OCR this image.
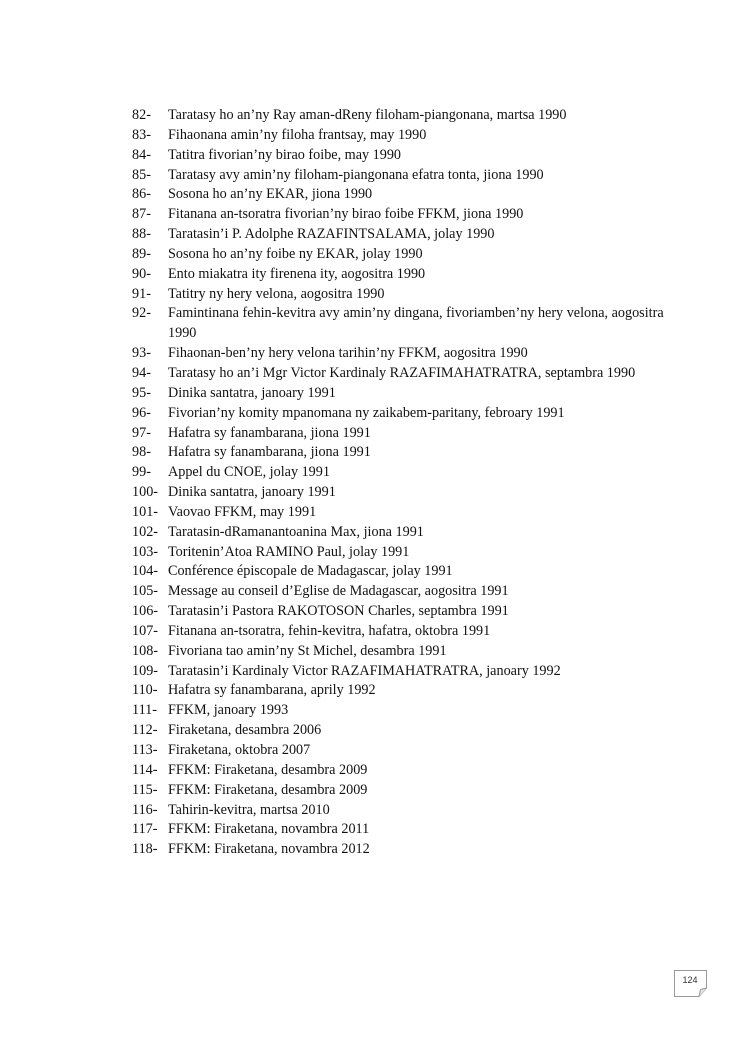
82-	Taratasy ho an’ny Ray aman-dReny filoham-piangonana, martsa 1990
83-	Fihaonana amin’ny filoha frantsay, may 1990
84-	Tatitra fivorian’ny birao foibe, may 1990
85-	Taratasy avy amin’ny filoham-piangonana efatra tonta, jiona 1990
86-	Sosona ho an’ny EKAR, jiona 1990
87-	Fitanana an-tsoratra fivorian’ny birao foibe FFKM, jiona 1990
88-	Taratasin’i P. Adolphe RAZAFINTSALAMA, jolay 1990
89-	Sosona ho an’ny foibe ny EKAR, jolay 1990
90-	Ento miakatra ity firenena ity, aogositra 1990
91-	Tatitry ny hery velona, aogositra 1990
92-	Famintinana fehin-kevitra avy amin’ny dingana, fivoriamben’ny hery velona, aogositra 1990
93-	Fihaonan-ben’ny hery velona tarihin’ny FFKM, aogositra 1990
94-	Taratasy ho an’i Mgr Victor Kardinaly RAZAFIMAHATRATRA, septambra 1990
95-	Dinika santatra, janoary 1991
96-	Fivorian’ny komity mpanomana ny zaikabem-paritany, febroary 1991
97-	Hafatra sy fanambarana, jiona 1991
98-	Hafatra sy fanambarana, jiona 1991
99-	Appel du CNOE, jolay 1991
100- Dinika santatra, janoary 1991
101- Vaovao FFKM, may 1991
102- Taratasin-dRamanantoanina Max, jiona 1991
103- Toritenin’Atoa RAMINO Paul, jolay 1991
104- Conférence épiscopale de Madagascar, jolay 1991
105- Message au conseil d’Eglise de Madagascar, aogositra 1991
106- Taratasin’i Pastora RAKOTOSON Charles, septambra 1991
107- Fitanana an-tsoratra, fehin-kevitra, hafatra, oktobra 1991
108- Fivoriana tao amin’ny St Michel, desambra 1991
109- Taratasin’i Kardinaly Victor RAZAFIMAHATRATRA, janoary 1992
110- Hafatra sy fanambarana, aprily 1992
111- FFKM, janoary 1993
112- Firaketana, desambra 2006
113- Firaketana, oktobra 2007
114- FFKM: Firaketana, desambra 2009
115- FFKM: Firaketana, desambra 2009
116- Tahirin-kevitra, martsa 2010
117- FFKM: Firaketana, novambra 2011
118- FFKM: Firaketana, novambra 2012
124
